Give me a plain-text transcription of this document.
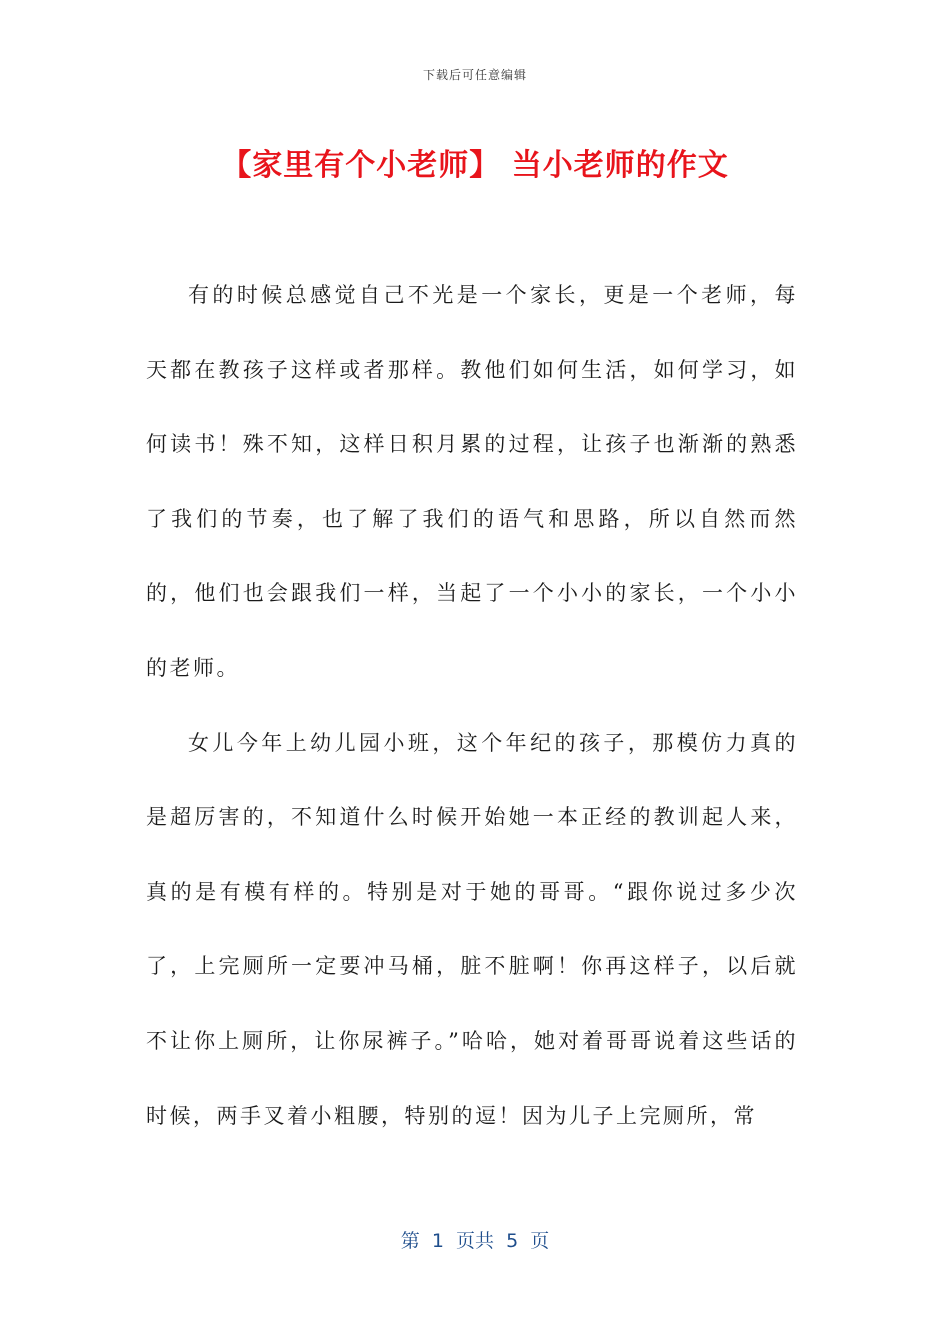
下载后可任意编辑
【家里有个小老师】 当小老师的作文

有的时候总感觉自己不光是一个家长，更是一个老师，每天都在教孩子这样或者那样。教他们如何生活，如何学习，如何读书！殊不知，这样日积月累的过程，让孩子也渐渐的熟悉了我们的节奏，也了解了我们的语气和思路，所以自然而然的，他们也会跟我们一样，当起了一个小小的家长，一个小小的老师。

女儿今年上幼儿园小班，这个年纪的孩子，那模仿力真的是超厉害的，不知道什么时候开始她一本正经的教训起人来，真的是有模有样的。特别是对于她的哥哥。“跟你说过多少次了，上完厕所一定要冲马桶，脏不脏啊！你再这样子，以后就不让你上厕所，让你尿裤子。”哈哈，她对着哥哥说着这些话的时候，两手叉着小粗腰，特别的逗！因为儿子上完厕所，常

第  1  页共  5  页
